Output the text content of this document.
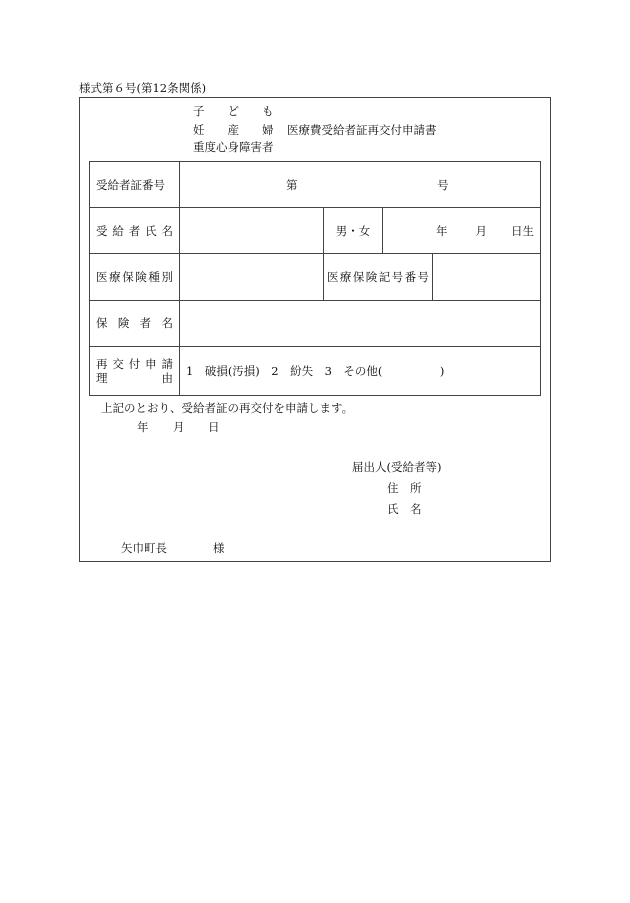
様式第６号(第12条関係)
子　　ど　　も
妊　　産　　婦 医療費受給者証再交付申請書
重度心身障害者
受給者証番号	第 号			
受給者氏名		男・女	年 月 日生	
医療保険種別		医療保険記号番号		
保険者名				

再交付申請
理 由	1　破損(汚損)　2　紛失　3　その他(　　　　　)			
上記のとおり、受給者証の再交付を申請します。
年 月 日
届出人(受給者等)
住　所
氏　名
矢巾町長	様
